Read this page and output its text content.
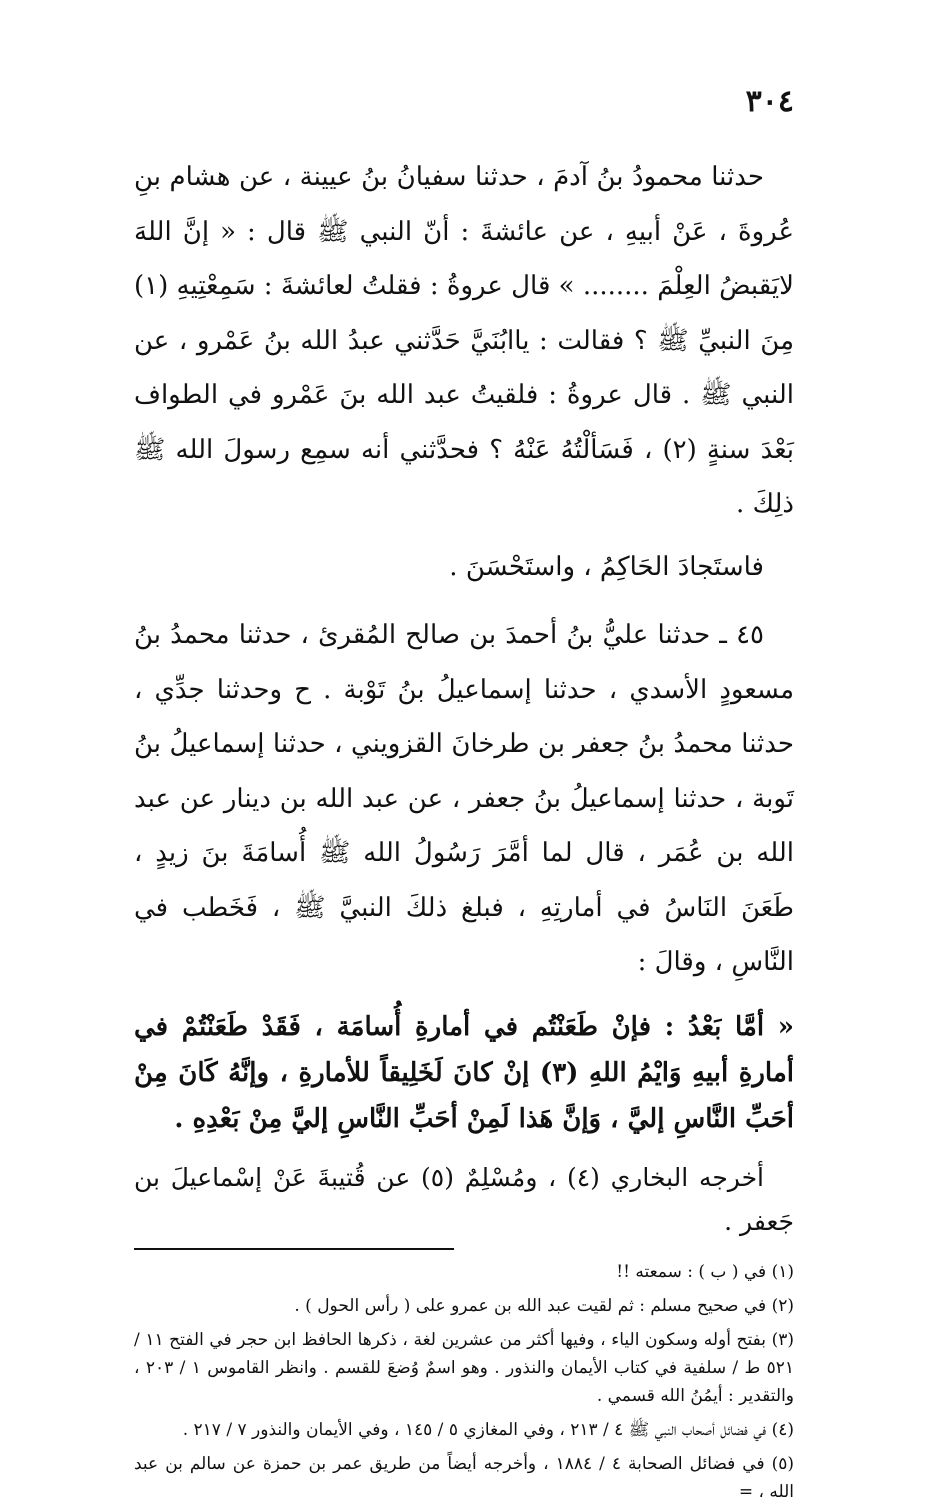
٣٠٤

حدثنا محمودُ بنُ آدمَ ، حدثنا سفيانُ بنُ عيينة ، عن هشام بنِ عُروةَ ، عَنْ أبيهِ ، عن عائشةَ : أنّ النبي ﷺ قال : « إنَّ اللهَ لايَقبضُ العِلْمَ ........ » قال عروةُ : فقلتُ لعائشةَ : سَمِعْتِيهِ (١) مِنَ النبيِّ ﷺ ؟ فقالت : ياابُنَيَّ حَدَّثني عبدُ الله بنُ عَمْرو ، عن النبي ﷺ . قال عروةُ : فلقيتُ عبد الله بنَ عَمْرو في الطواف بَعْدَ سنةٍ (٢) ، فَسَألْتُهُ عَنْهُ ؟ فحدَّثني أنه سمِع رسولَ الله ﷺ ذلِكَ .

فاستَجادَ الحَاكِمُ ، واستَحْسَنَ .

٤٥ ـ حدثنا عليُّ بنُ أحمدَ بن صالح المُقرئ ، حدثنا محمدُ بنُ مسعودٍ الأسدي ، حدثنا إسماعيلُ بنُ تَوْبة . ح وحدثنا جدِّي ، حدثنا محمدُ بنُ جعفر بن طرخانَ القزويني ، حدثنا إسماعيلُ بنُ تَوبة ، حدثنا إسماعيلُ بنُ جعفر ، عن عبد الله بن دينار عن عبد الله بن عُمَر ، قال لما أمَّرَ رَسُولُ الله ﷺ أُسامَةَ بنَ زيدٍ ، طَعَنَ النَاسُ في أمارتِهِ ، فبلغ ذلكَ النبيَّ ﷺ ، فَخَطب في النَّاسِ ، وقالَ :

« أمَّا بَعْدُ : فإنْ طَعَنْتُم في أمارةِ أُسامَة ، فَقَدْ طَعَنْتُمْ في أمارةِ أبيهِ وَايْمُ اللهِ (٣) إنْ كانَ لَخَلِيقاً للأمارةِ ، وإنَّهُ كَانَ مِنْ أحَبِّ النَّاسِ إليَّ ، وَإنَّ هَذا لَمِنْ أحَبِّ النَّاسِ إليَّ مِنْ بَعْدِهِ .

أخرجه البخاري (٤) ، ومُسْلِمٌ (٥) عن قُتيبةَ عَنْ إسْماعيلَ بن جَعفر .

(١) في ( ب ) : سمعته !!

(٢) في صحيح مسلم : ثم لقيت عبد الله بن عمرو على ( رأس الحول ) .

(٣) بفتح أوله وسكون الياء ، وفيها أكثر من عشرين لغة ، ذكرها الحافظ ابن حجر في الفتح ١١ / ٥٢١ ط / سلفية في كتاب الأيمان والنذور . وهو اسمٌ وُضعَ للقسم . وانظر القاموس ١ / ٢٠٣ ، والتقدير : أيمُنُ الله قسمي .

(٤) في فضائل أصحاب النبي ﷺ ٤ / ٢١٣ ، وفي المغازي ٥ / ١٤٥ ، وفي الأيمان والنذور ٧ / ٢١٧ .

(٥) في فضائل الصحابة ٤ / ١٨٨٤ ، وأخرجه أيضاً من طريق عمر بن حمزة عن سالم بن عبد الله ، =
